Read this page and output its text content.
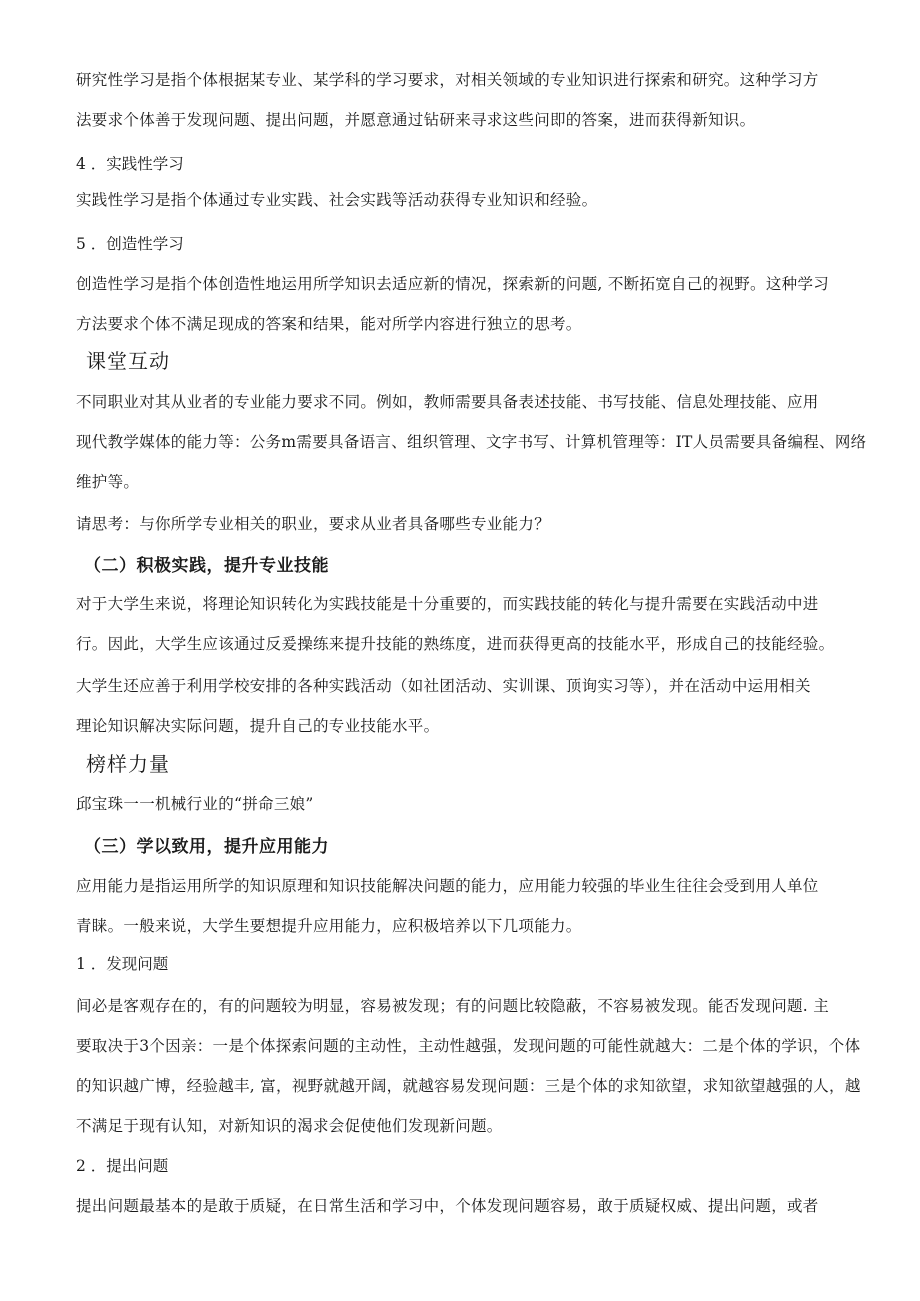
研究性学习是指个体根据某专业、某学科的学习要求，对相关领域的专业知识进行探索和研究。这种学习方
法要求个体善于发现问题、提出问题，并愿意通过钻研来寻求这些问即的答案，进而获得新知识。

4 ．实践性学习

实践性学习是指个体通过专业实践、社会实践等活动获得专业知识和经验。

5 ．创造性学习

创造性学习是指个体创造性地运用所学知识去适应新的情况，探索新的问题, 不断拓宽自己的视野。这种学习
方法要求个体不满足现成的答案和结果，能对所学内容进行独立的思考。

课堂互动

不同职业对其从业者的专业能力要求不同。例如，教师需要具备表述技能、书写技能、信息处理技能、应用
现代教学媒体的能力等：公务m需要具备语言、组织管理、文字书写、计算机管理等：IT人员需要具备编程、网络
维护等。

请思考：与你所学专业相关的职业，要求从业者具备哪些专业能力？

（二）积极实践，提升专业技能

对于大学生来说，将理论知识转化为实践技能是十分重要的，而实践技能的转化与提升需要在实践活动中进
行。因此，大学生应该通过反爰操练来提升技能的熟练度，进而获得更高的技能水平，形成自己的技能经验。

大学生还应善于利用学校安排的各种实践活动（如社团活动、实训课、顶询实习等），并在活动中运用相关
理论知识解决实际问题，提升自己的专业技能水平。

榜样力量

邱宝珠一一机械行业的“拼命三娘”

（三）学以致用，提升应用能力

应用能力是指运用所学的知识原理和知识技能解决问题的能力，应用能力较强的毕业生往往会受到用人单位
青睐。一般来说，大学生要想提升应用能力，应积极培养以下几项能力。

1 ．发现问题

间必是客观存在的，有的问题较为明显，容易被发现；有的问题比较隐蔽，不容易被发现。能否发现问题. 主
要取决于3个因亲：一是个体探索问题的主动性，主动性越强，发现问题的可能性就越大：二是个体的学识，个体
的知识越广博，经验越丰, 富，视野就越开阔，就越容易发现问题：三是个体的求知欲望，求知欲望越强的人，越
不满足于现有认知，对新知识的渴求会促使他们发现新问题。

2 ．提出问题

提出问题最基本的是敢于质疑，在日常生活和学习中，个体发现问题容易，敢于质疑权威、提出问题，或者
